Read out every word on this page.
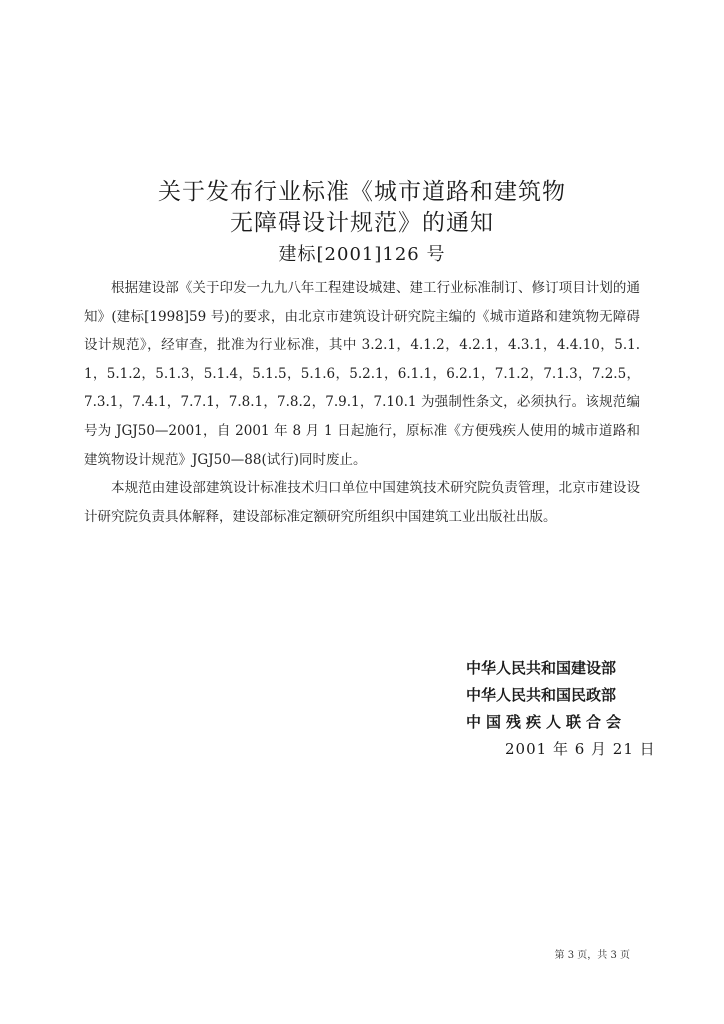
关于发布行业标准《城市道路和建筑物
无障碍设计规范》的通知
建标[2001]126 号

根据建设部《关于印发一九九八年工程建设城建、建工行业标准制订、修订项目计划的通知》(建标[1998]59 号)的要求，由北京市建筑设计研究院主编的《城市道路和建筑物无障碍设计规范》，经审查，批准为行业标准，其中 3.2.1，4.1.2，4.2.1，4.3.1，4.4.10，5.1.1，5.1.2，5.1.3，5.1.4，5.1.5，5.1.6，5.2.1，6.1.1，6.2.1，7.1.2，7.1.3，7.2.5，7.3.1，7.4.1，7.7.1，7.8.1，7.8.2，7.9.1，7.10.1 为强制性条文，必须执行。该规范编号为 JGJ50—2001，自 2001 年 8 月 1 日起施行，原标准《方便残疾人使用的城市道路和建筑物设计规范》JGJ50—88(试行)同时废止。

本规范由建设部建筑设计标准技术归口单位中国建筑技术研究院负责管理，北京市建设设计研究院负责具体解释，建设部标准定额研究所组织中国建筑工业出版社出版。

中华人民共和国建设部
中华人民共和国民政部
中国残疾人联合会
2001 年 6 月 21 日
第 3 页，共 3 页
